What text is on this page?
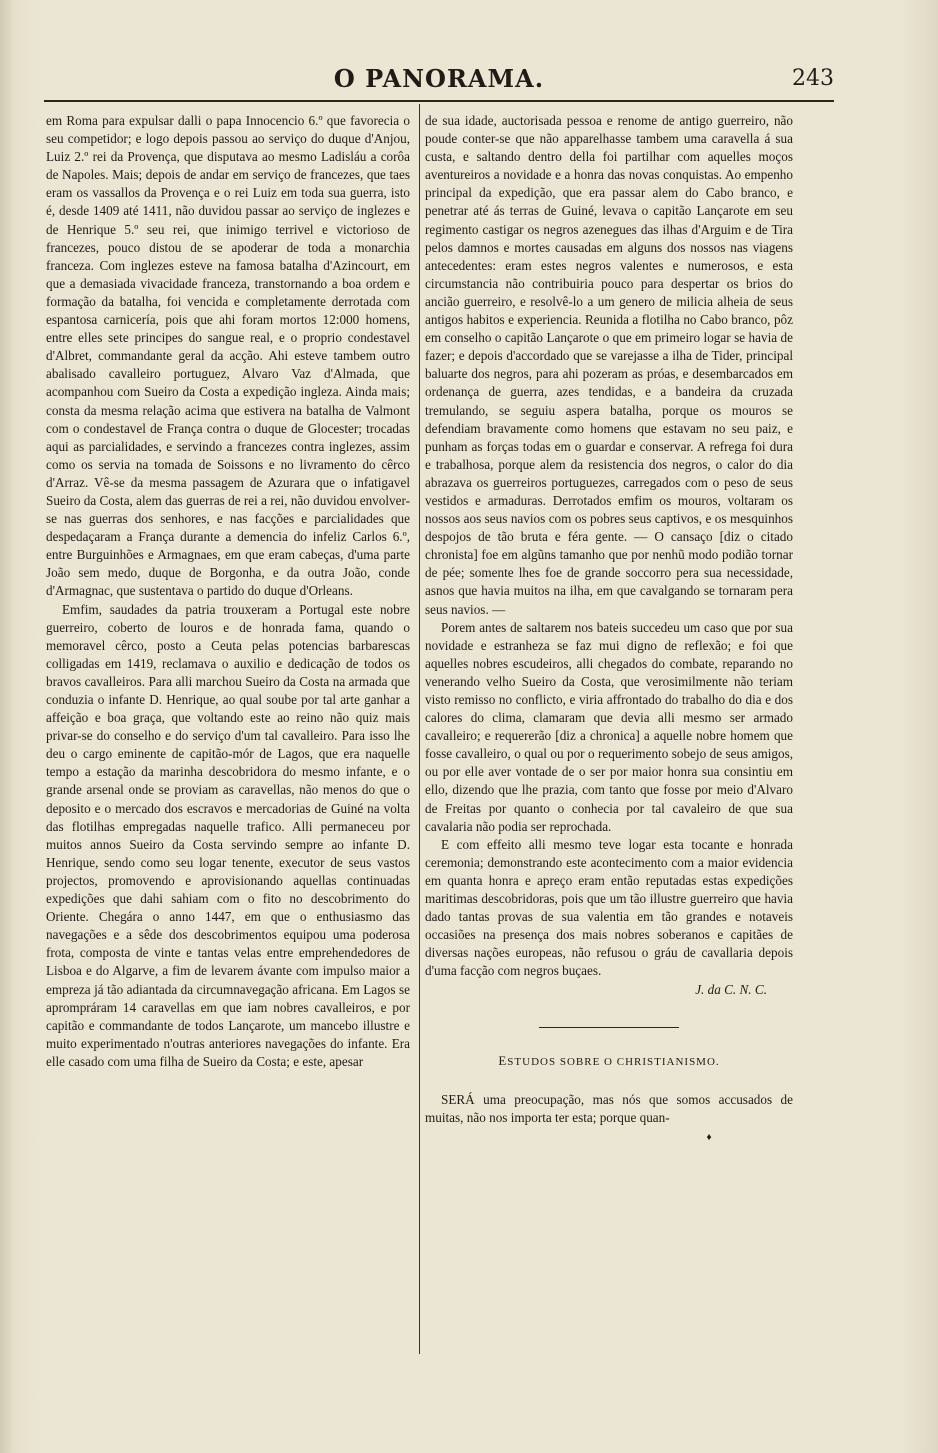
O PANORAMA.	243

em Roma para expulsar dalli o papa Innocencio 6.º que favorecia o seu competidor; e logo depois passou ao serviço do duque d'Anjou, Luiz 2.º rei da Provença, que disputava ao mesmo Ladisláu a corôa de Napoles. Mais; depois de andar em serviço de francezes, que taes eram os vassallos da Provença e o rei Luiz em toda sua guerra, isto é, desde 1409 até 1411, não duvidou passar ao serviço de inglezes e de Henrique 5.º seu rei, que inimigo terrivel e victorioso de francezes, pouco distou de se apoderar de toda a monarchia franceza. Com inglezes esteve na famosa batalha d'Azincourt, em que a demasiada vivacidade franceza, transtornando a boa ordem e formação da batalha, foi vencida e completamente derrotada com espantosa carnicería, pois que ahi foram mortos 12:000 homens, entre elles sete principes do sangue real, e o proprio condestavel d'Albret, commandante geral da acção. Ahi esteve tambem outro abalisado cavalleiro portuguez, Alvaro Vaz d'Almada, que acompanhou com Sueiro da Costa a expedição ingleza. Ainda mais; consta da mesma relação acima que estivera na batalha de Valmont com o condestavel de França contra o duque de Glocester; trocadas aqui as parcialidades, e servindo a francezes contra inglezes, assim como os servia na tomada de Soissons e no livramento do cêrco d'Arraz. Vê-se da mesma passagem de Azurara que o infatigavel Sueiro da Costa, alem das guerras de rei a rei, não duvidou envolver-se nas guerras dos senhores, e nas facções e parcialidades que despedaçaram a França durante a demencia do infeliz Carlos 6.º, entre Burguinhões e Armagnaes, em que eram cabeças, d'uma parte João sem medo, duque de Borgonha, e da outra João, conde d'Armagnac, que sustentava o partido do duque d'Orleans.

Emfim, saudades da patria trouxeram a Portugal este nobre guerreiro, coberto de louros e de honrada fama, quando o memoravel cêrco, posto a Ceuta pelas potencias barbarescas colligadas em 1419, reclamava o auxilio e dedicação de todos os bravos cavalleiros. Para alli marchou Sueiro da Costa na armada que conduzia o infante D. Henrique, ao qual soube por tal arte ganhar a affeição e boa graça, que voltando este ao reino não quiz mais privar-se do conselho e do serviço d'um tal cavalleiro. Para isso lhe deu o cargo eminente de capitão-mór de Lagos, que era naquelle tempo a estação da marinha descobridora do mesmo infante, e o grande arsenal onde se proviam as caravellas, não menos do que o deposito e o mercado dos escravos e mercadorias de Guiné na volta das flotilhas empregadas naquelle trafico. Alli permaneceu por muitos annos Sueiro da Costa servindo sempre ao infante D. Henrique, sendo como seu logar tenente, executor de seus vastos projectos, promovendo e aprovisionando aquellas continuadas expedições que dahi sahiam com o fito no descobrimento do Oriente. Chegára o anno 1447, em que o enthusiasmo das navegações e a sêde dos descobrimentos equipou uma poderosa frota, composta de vinte e tantas velas entre emprehendedores de Lisboa e do Algarve, a fim de levarem ávante com impulso maior a empreza já tão adiantada da circumnavegação africana. Em Lagos se aprompráram 14 caravellas em que iam nobres cavalleiros, e por capitão e commandante de todos Lançarote, um mancebo illustre e muito experimentado n'outras anteriores navegações do infante. Era elle casado com uma filha de Sueiro da Costa; e este, apesar

de sua idade, auctorisada pessoa e renome de antigo guerreiro, não poude conter-se que não apparelhasse tambem uma caravella á sua custa, e saltando dentro della foi partilhar com aquelles moços aventureiros a novidade e a honra das novas conquistas. Ao empenho principal da expedição, que era passar alem do Cabo branco, e penetrar até ás terras de Guiné, levava o capitão Lançarote em seu regimento castigar os negros azenegues das ilhas d'Arguim e de Tira pelos damnos e mortes causadas em alguns dos nossos nas viagens antecedentes: eram estes negros valentes e numerosos, e esta circumstancia não contribuiria pouco para despertar os brios do ancião guerreiro, e resolvê-lo a um genero de milicia alheia de seus antigos habitos e experiencia. Reunida a flotilha no Cabo branco, pôz em conselho o capitão Lançarote o que em primeiro logar se havia de fazer; e depois d'accordado que se varejasse a ilha de Tider, principal baluarte dos negros, para ahi pozeram as próas, e desembarcados em ordenança de guerra, azes tendidas, e a bandeira da cruzada tremulando, se seguiu aspera batalha, porque os mouros se defendiam bravamente como homens que estavam no seu paiz, e punham as forças todas em o guardar e conservar. A refrega foi dura e trabalhosa, porque alem da resistencia dos negros, o calor do dia abrazava os guerreiros portuguezes, carregados com o peso de seus vestidos e armaduras. Derrotados emfim os mouros, voltaram os nossos aos seus navios com os pobres seus captivos, e os mesquinhos despojos de tão bruta e féra gente. — O cansaço [diz o citado chronista] foe em algũns tamanho que por nenhũ modo podião tornar de pée; somente lhes foe de grande soccorro pera sua necessidade, asnos que havia muitos na ilha, em que cavalgando se tornaram pera seus navios. —

Porem antes de saltarem nos bateis succedeu um caso que por sua novidade e estranheza se faz mui digno de reflexão; e foi que aquelles nobres escudeiros, alli chegados do combate, reparando no venerando velho Sueiro da Costa, que verosimilmente não teriam visto remisso no conflicto, e viria affrontado do trabalho do dia e dos calores do clima, clamaram que devia alli mesmo ser armado cavalleiro; e requererão [diz a chronica] a aquelle nobre homem que fosse cavalleiro, o qual ou por o requerimento sobejo de seus amigos, ou por elle aver vontade de o ser por maior honra sua consintiu em ello, dizendo que lhe prazia, com tanto que fosse por meio d'Alvaro de Freitas por quanto o conhecia por tal cavaleiro de que sua cavalaria não podia ser reprochada.

E com effeito alli mesmo teve logar esta tocante e honrada ceremonia; demonstrando este acontecimento com a maior evidencia em quanta honra e apreço eram então reputadas estas expedições maritimas descobridoras, pois que um tão illustre guerreiro que havia dado tantas provas de sua valentia em tão grandes e notaveis occasiões na presença dos mais nobres soberanos e capitães de diversas nações europeas, não refusou o gráu de cavallaria depois d'uma facção com negros buçaes.

J. da C. N. C.

ESTUDOS SOBRE O CHRISTIANISMO.

SERÁ uma preocupação, mas nós que somos accusados de muitas, não nos importa ter esta; porque quan-

♦
